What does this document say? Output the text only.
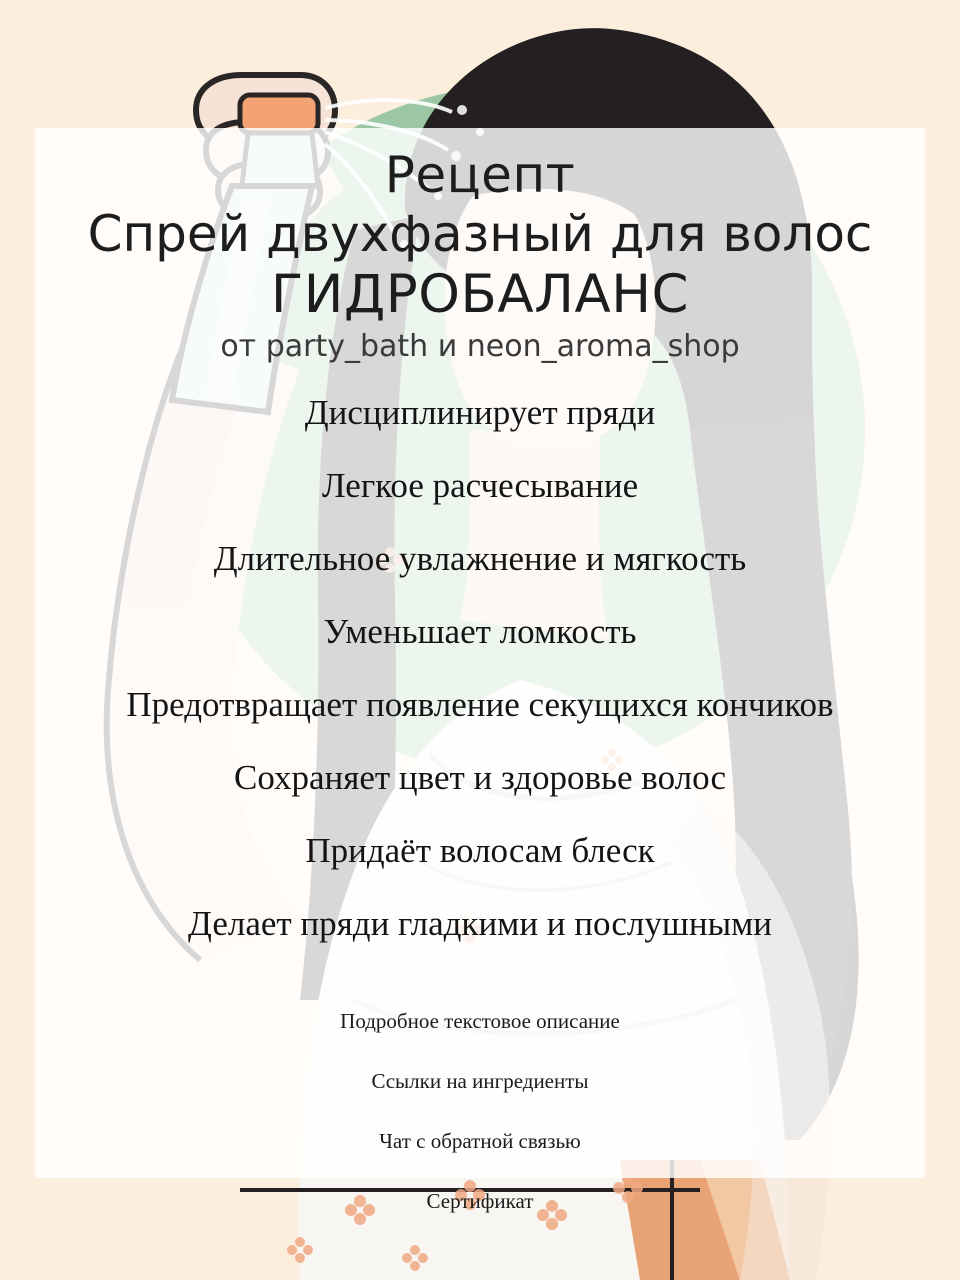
Рецепт
Спрей двухфазный для волос
ГИДРОБАЛАНС
от party_bath и neon_aroma_shop

Дисциплинирует пряди

Легкое расчесывание

Длительное увлажнение и мягкость

Уменьшает ломкость

Предотвращает появление секущихся кончиков

Сохраняет цвет и здоровье волос

Придаёт волосам блеск

Делает пряди гладкими и послушными

Подробное текстовое описание

Ссылки на ингредиенты

Чат с обратной связью

Сертификат
